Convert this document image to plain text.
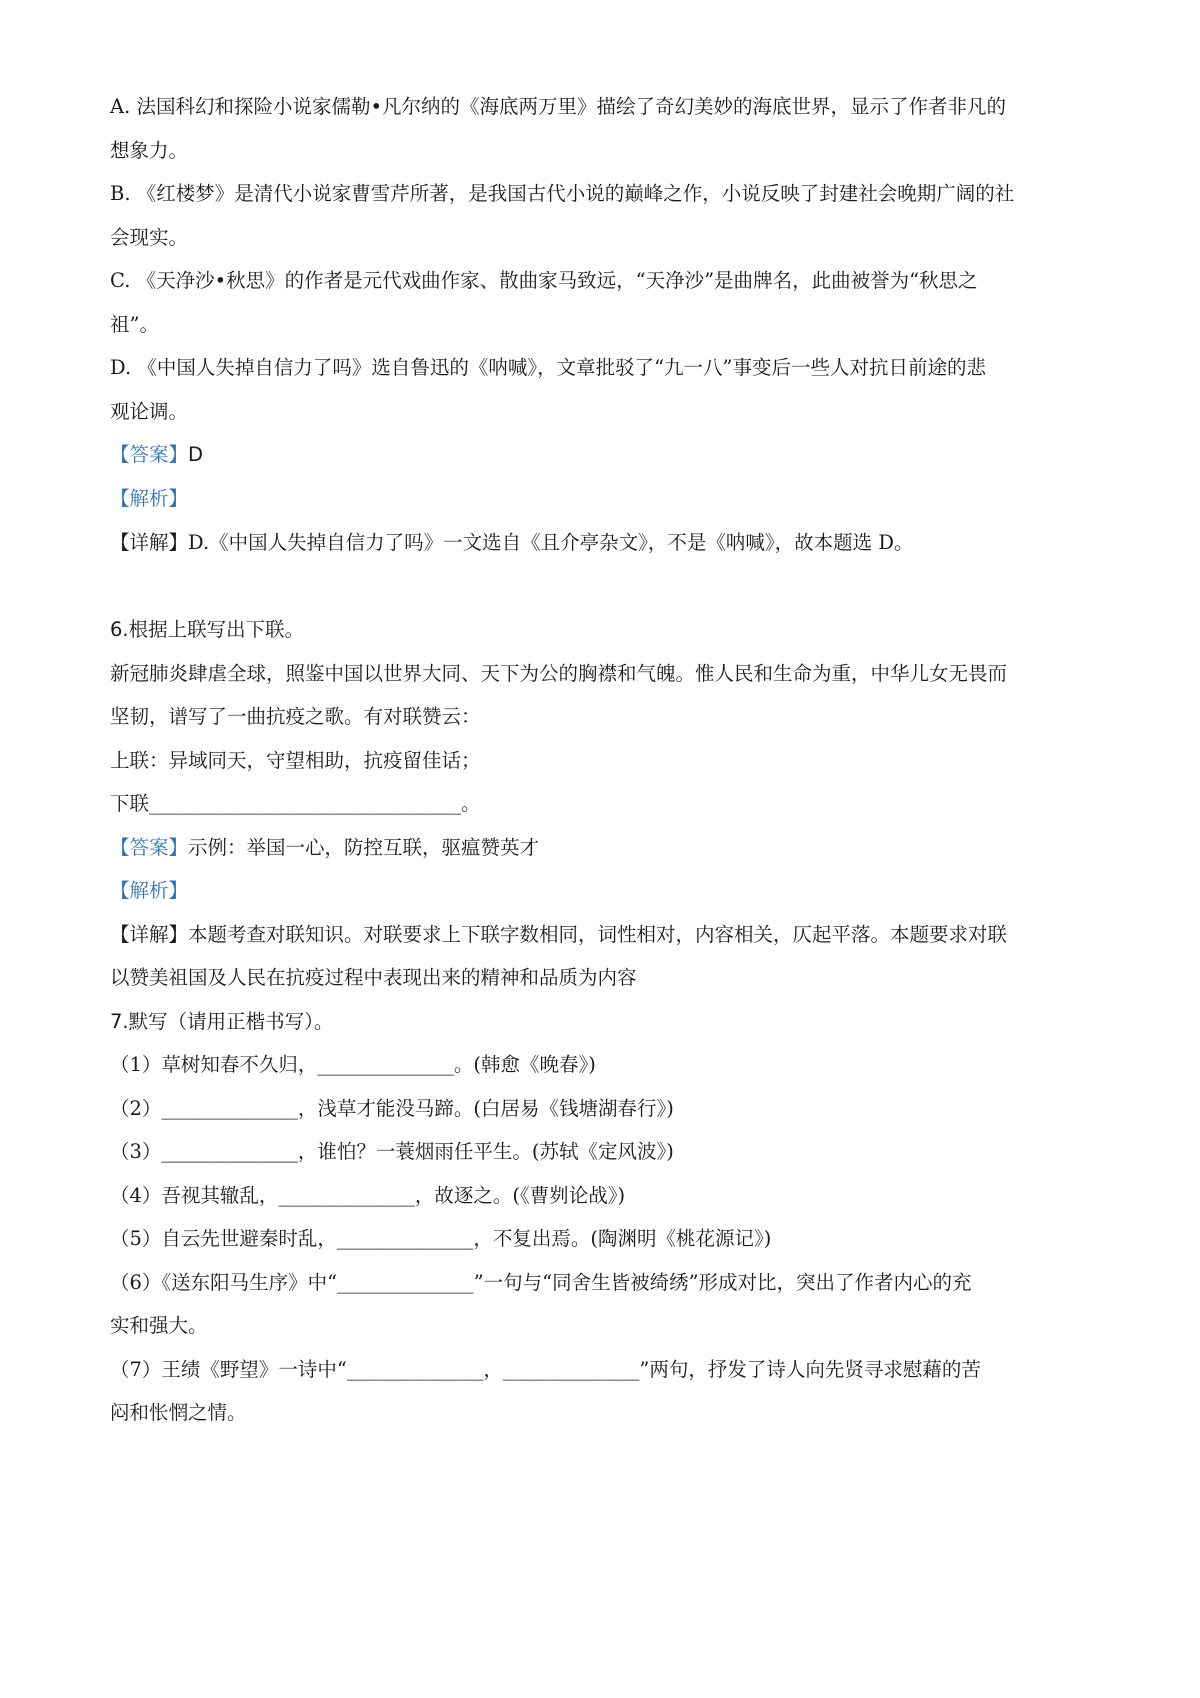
A. 法国科幻和探险小说家儒勒•凡尔纳的《海底两万里》描绘了奇幻美妙的海底世界，显示了作者非凡的
想象力。
B. 《红楼梦》是清代小说家曹雪芹所著，是我国古代小说的巅峰之作，小说反映了封建社会晚期广阔的社
会现实。
C. 《天净沙•秋思》的作者是元代戏曲作家、散曲家马致远，“天净沙”是曲牌名，此曲被誉为“秋思之
祖”。
D. 《中国人失掉自信力了吗》选自鲁迅的《呐喊》，文章批驳了“九一八”事变后一些人对抗日前途的悲
观论调。
【答案】D
【解析】
【详解】D.《中国人失掉自信力了吗》一文选自《且介亭杂文》，不是《呐喊》，故本题选 D。
6.根据上联写出下联。
新冠肺炎肆虐全球，照鉴中国以世界大同、天下为公的胸襟和气魄。惟人民和生命为重，中华儿女无畏而
坚韧，谱写了一曲抗疫之歌。有对联赞云：
上联：异域同天，守望相助，抗疫留佳话；
下联________________________________。
【答案】示例：举国一心，防控互联，驱瘟赞英才
【解析】
【详解】本题考查对联知识。对联要求上下联字数相同，词性相对，内容相关，仄起平落。本题要求对联
以赞美祖国及人民在抗疫过程中表现出来的精神和品质为内容
7.默写（请用正楷书写）。
（1）草树知春不久归，______________。(韩愈《晚春》)
（2）______________，浅草才能没马蹄。(白居易《钱塘湖春行》)
（3）______________，谁怕？一蓑烟雨任平生。(苏轼《定风波》)
（4）吾视其辙乱，______________，故逐之。(《曹刿论战》)
（5）自云先世避秦时乱，______________，不复出焉。(陶渊明《桃花源记》)
（6）《送东阳马生序》中“______________”一句与“同舍生皆被绮绣”形成对比，突出了作者内心的充
实和强大。
（7）王绩《野望》一诗中“______________，______________”两句，抒发了诗人向先贤寻求慰藉的苦
闷和怅惘之情。
